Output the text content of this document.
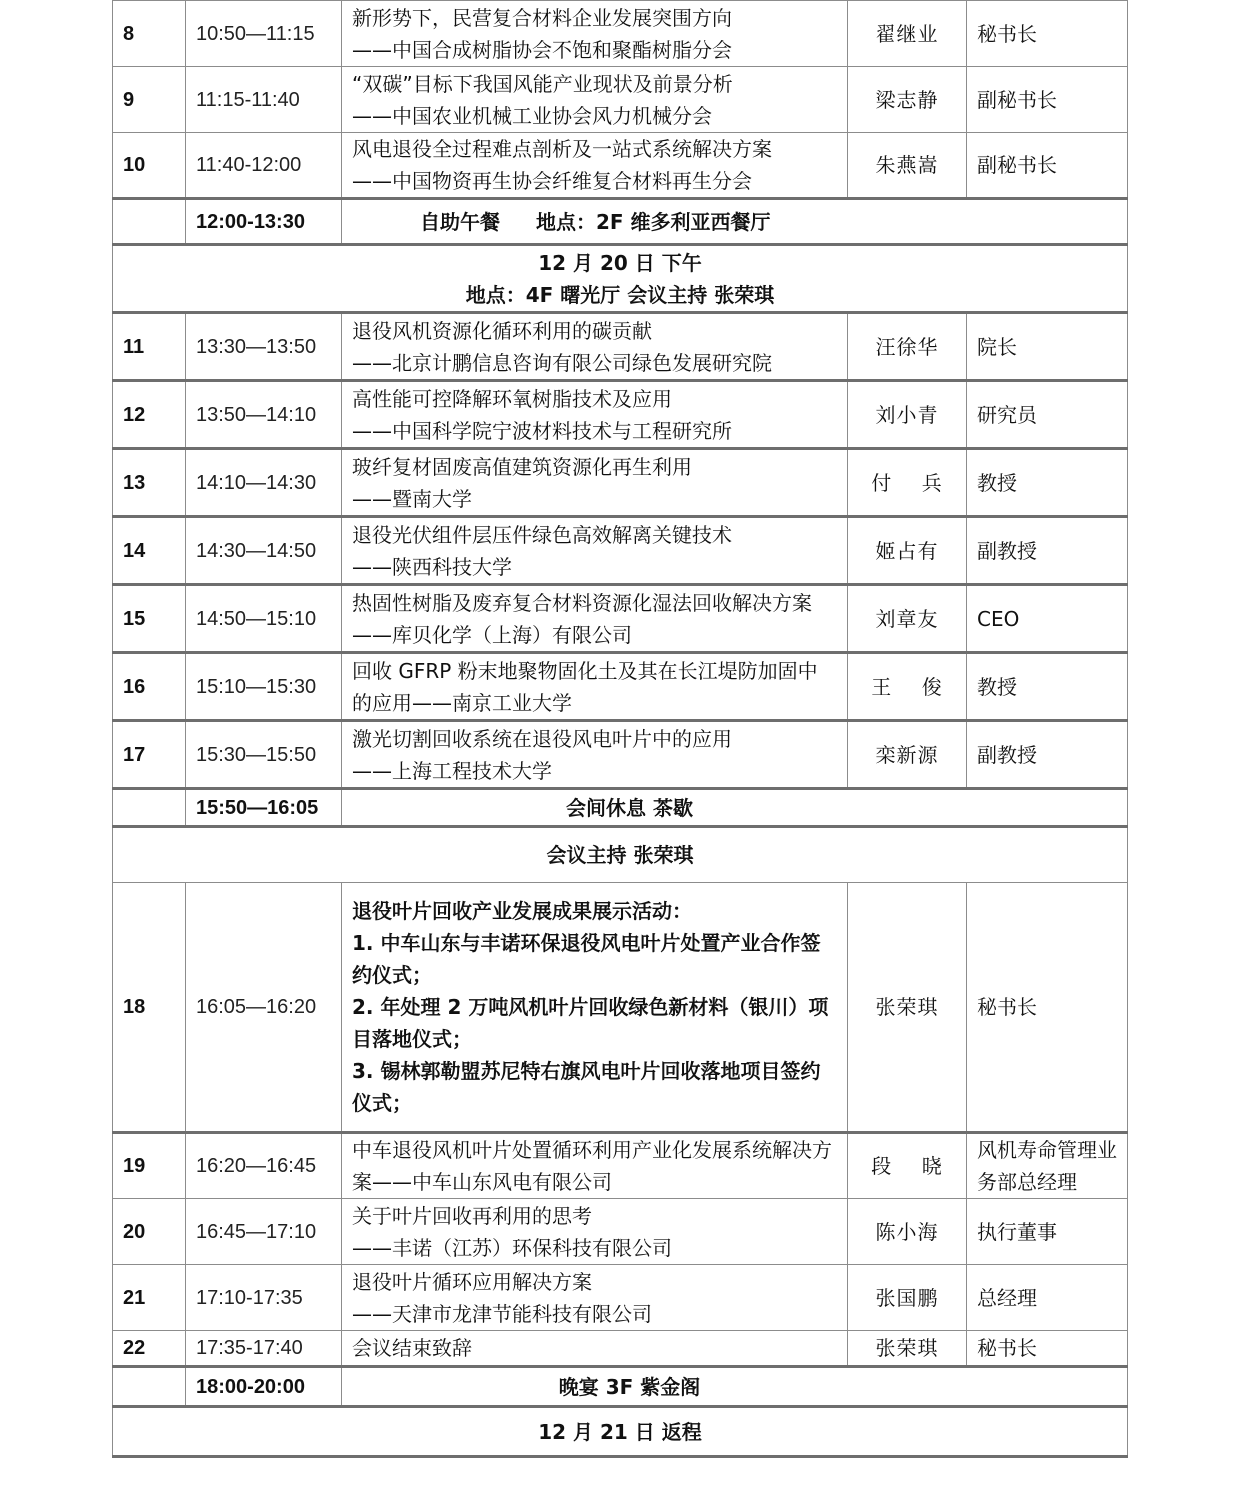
8	10:50—11:15	新形势下，民营复合材料企业发展突围方向
——中国合成树脂协会不饱和聚酯树脂分会	翟继业	秘书长
9	11:15-11:40	“双碳”目标下我国风能产业现状及前景分析
——中国农业机械工业协会风力机械分会	梁志静	副秘书长
10	11:40-12:00	风电退役全过程难点剖析及一站式系统解决方案
——中国物资再生协会纤维复合材料再生分会	朱燕嵩	副秘书长
	12:00-13:30	自助午餐 地点：2F 维多利亚西餐厅		

12 月 20 日 下午
地点：4F 曙光厅 会议主持 张荣琪				

11	13:30—13:50	退役风机资源化循环利用的碳贡献
——北京计鹏信息咨询有限公司绿色发展研究院	汪徐华	院长
12	13:50—14:10	高性能可控降解环氧树脂技术及应用
——中国科学院宁波材料技术与工程研究所	刘小青	研究员
13	14:10—14:30	玻纤复材固废高值建筑资源化再生利用
——暨南大学	付    兵	教授
14	14:30—14:50	退役光伏组件层压件绿色高效解离关键技术
——陕西科技大学	姬占有	副教授
15	14:50—15:10	热固性树脂及废弃复合材料资源化湿法回收解决方案——库贝化学（上海）有限公司	刘章友	CEO
16	15:10—15:30	回收 GFRP 粉末地聚物固化土及其在长江堤防加固中的应用——南京工业大学	王    俊	教授
17	15:30—15:50	激光切割回收系统在退役风电叶片中的应用
——上海工程技术大学	栾新源	副教授
	15:50—16:05	会间休息 茶歇		
会议主持 张荣琪				
18	16:05—16:20	退役叶片回收产业发展成果展示活动：
1. 中车山东与丰诺环保退役风电叶片处置产业合作签约仪式；
2. 年处理 2 万吨风机叶片回收绿色新材料（银川）项目落地仪式；
3. 锡林郭勒盟苏尼特右旗风电叶片回收落地项目签约仪式；	张荣琪	秘书长
19	16:20—16:45	中车退役风机叶片处置循环利用产业化发展系统解决方案——中车山东风电有限公司	段    晓	风机寿命管理业务部总经理
20	16:45—17:10	关于叶片回收再利用的思考
——丰诺（江苏）环保科技有限公司	陈小海	执行董事
21	17:10-17:35	退役叶片循环应用解决方案
——天津市龙津节能科技有限公司	张国鹏	总经理
22	17:35-17:40	会议结束致辞	张荣琪	秘书长
	18:00-20:00	晚宴 3F 紫金阁		
12 月 21 日 返程				
